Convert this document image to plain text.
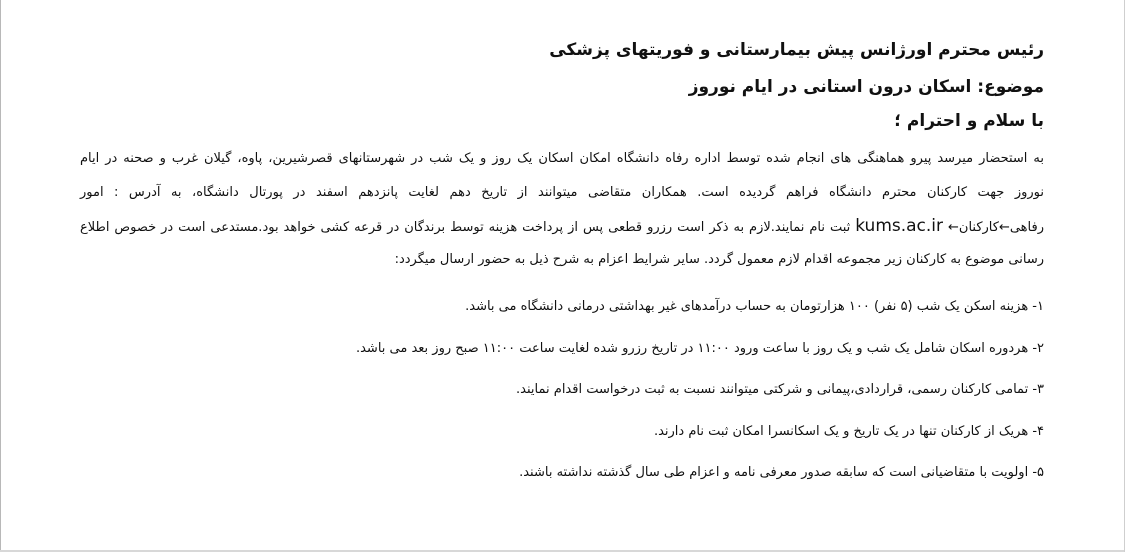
رئیس محترم اورژانس پیش بیمارستانی و فوریتهای پزشکی
موضوع: اسکان درون استانی در ایام نوروز
با سلام و احترام ؛
به استحضار میرسد پیرو هماهنگی های انجام شده توسط اداره رفاه دانشگاه امکان اسکان یک روز و یک شب در شهرستانهای قصرشیرین، پاوه، گیلان غرب و صحنه در ایام
نوروز جهت کارکنان محترم دانشگاه فراهم گردیده است. همکاران متقاضی میتوانند از تاریخ دهم لغایت پانزدهم اسفند در پورتال دانشگاه، به آدرس : امور
رفاهی←کارکنان← kums.ac.ir ثبت نام نمایند.لازم به ذکر است رزرو قطعی پس از پرداخت هزینه توسط برندگان در قرعه کشی خواهد بود.مستدعی است در خصوص اطلاع
رسانی موضوع به کارکنان زیر مجموعه اقدام لازم معمول گردد. سایر شرایط اعزام به شرح ذیل به حضور ارسال میگردد:
۱- هزینه اسکن یک شب (۵ نفر) ۱۰۰ هزارتومان به حساب درآمدهای غیر بهداشتی درمانی دانشگاه می باشد.
۲- هردوره اسکان شامل یک شب و یک روز با ساعت ورود ۱۱:۰۰ در تاریخ رزرو شده لغایت ساعت ۱۱:۰۰ صبح روز بعد می باشد.
۳- تمامی کارکنان رسمی، قراردادی،پیمانی و شرکتی میتوانند نسبت به ثبت درخواست اقدام نمایند.
۴- هریک از کارکنان تنها در یک تاریخ و یک اسکانسرا امکان ثبت نام دارند.
۵- اولویت با متقاضیانی است که سابقه صدور معرفی نامه و اعزام طی سال گذشته نداشته باشند.
